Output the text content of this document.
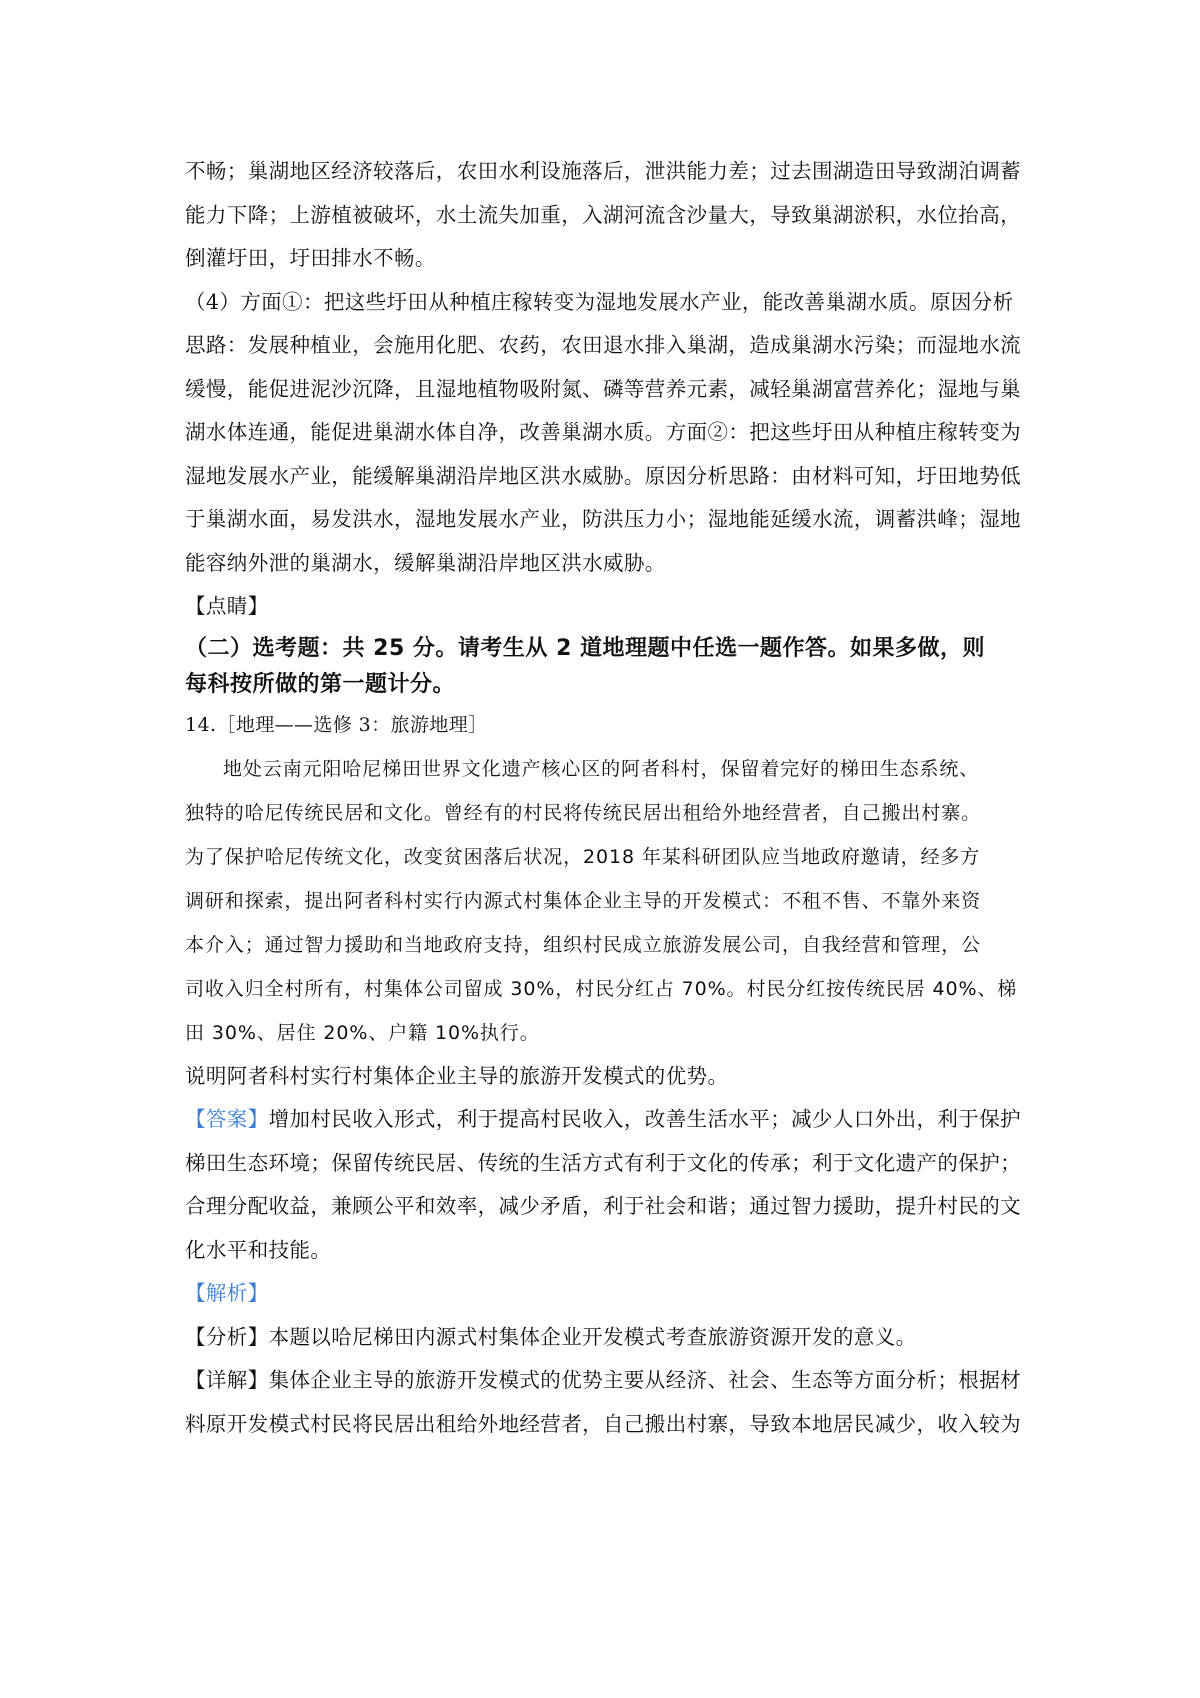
不畅；巢湖地区经济较落后，农田水利设施落后，泄洪能力差；过去围湖造田导致湖泊调蓄
能力下降；上游植被破坏，水土流失加重，入湖河流含沙量大，导致巢湖淤积，水位抬高，
倒灌圩田，圩田排水不畅。
（4）方面①：把这些圩田从种植庄稼转变为湿地发展水产业，能改善巢湖水质。原因分析
思路：发展种植业，会施用化肥、农药，农田退水排入巢湖，造成巢湖水污染；而湿地水流
缓慢，能促进泥沙沉降，且湿地植物吸附氮、磷等营养元素，减轻巢湖富营养化；湿地与巢
湖水体连通，能促进巢湖水体自净，改善巢湖水质。方面②：把这些圩田从种植庄稼转变为
湿地发展水产业，能缓解巢湖沿岸地区洪水威胁。原因分析思路：由材料可知，圩田地势低
于巢湖水面，易发洪水，湿地发展水产业，防洪压力小；湿地能延缓水流，调蓄洪峰；湿地
能容纳外泄的巢湖水，缓解巢湖沿岸地区洪水威胁。
【点睛】
（二）选考题：共 25 分。请考生从 2 道地理题中任选一题作答。如果多做，则
每科按所做的第一题计分。
14.［地理——选修 3：旅游地理］
地处云南元阳哈尼梯田世界文化遗产核心区的阿者科村，保留着完好的梯田生态系统、
独特的哈尼传统民居和文化。曾经有的村民将传统民居出租给外地经营者，自己搬出村寨。
为了保护哈尼传统文化，改变贫困落后状况，2018 年某科研团队应当地政府邀请，经多方
调研和探索，提出阿者科村实行内源式村集体企业主导的开发模式：不租不售、不靠外来资
本介入；通过智力援助和当地政府支持，组织村民成立旅游发展公司，自我经营和管理，公
司收入归全村所有，村集体公司留成 30%，村民分红占 70%。村民分红按传统民居 40%、梯
田 30%、居住 20%、户籍 10%执行。
说明阿者科村实行村集体企业主导的旅游开发模式的优势。
【答案】增加村民收入形式，利于提高村民收入，改善生活水平；减少人口外出，利于保护
梯田生态环境；保留传统民居、传统的生活方式有利于文化的传承；利于文化遗产的保护；
合理分配收益，兼顾公平和效率，减少矛盾，利于社会和谐；通过智力援助，提升村民的文
化水平和技能。
【解析】
【分析】本题以哈尼梯田内源式村集体企业开发模式考查旅游资源开发的意义。
【详解】集体企业主导的旅游开发模式的优势主要从经济、社会、生态等方面分析；根据材
料原开发模式村民将民居出租给外地经营者，自己搬出村寨，导致本地居民减少，收入较为
